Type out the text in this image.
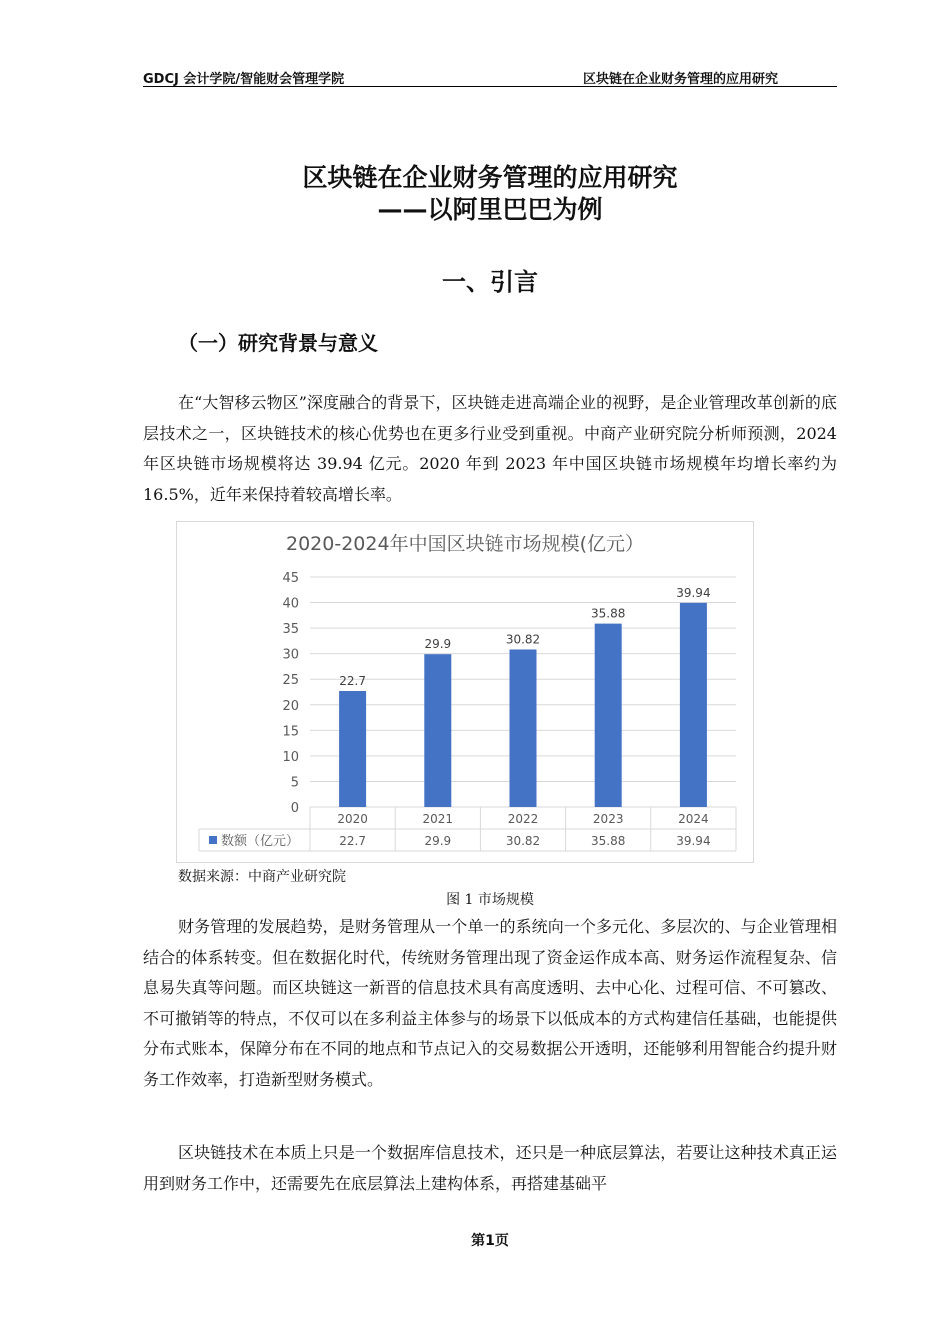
GDCJ 会计学院/智能财会管理学院	区块链在企业财务管理的应用研究
区块链在企业财务管理的应用研究
——以阿里巴巴为例
一、引言
（一）研究背景与意义

在“大智移云物区”深度融合的背景下，区块链走进高端企业的视野，是企业管理改革创新的底层技术之一，区块链技术的核心优势也在更多行业受到重视。中商产业研究院分析师预测，2024 年区块链市场规模将达 39.94 亿元。2020 年到 2023 年中国区块链市场规模年均增长率约为 16.5%，近年来保持着较高增长率。

2020-2024年中国区块链市场规模(亿元）
0
5
10
15
20
25
30
35
40
45
22.7
29.9	30.82
35.88
39.94
2020
22.7
2021
29.9
2022
30.82
2023
35.88
2024
39.94
数额（亿元）
数据来源：中商产业研究院
图 1 市场规模

财务管理的发展趋势，是财务管理从一个单一的系统向一个多元化、多层次的、与企业管理相结合的体系转变。但在数据化时代，传统财务管理出现了资金运作成本高、财务运作流程复杂、信息易失真等问题。而区块链这一新晋的信息技术具有高度透明、去中心化、过程可信、不可篡改、不可撤销等的特点，不仅可以在多利益主体参与的场景下以低成本的方式构建信任基础，也能提供分布式账本，保障分布在不同的地点和节点记入的交易数据公开透明，还能够利用智能合约提升财务工作效率，打造新型财务模式。

区块链技术在本质上只是一个数据库信息技术，还只是一种底层算法，若要让这种技术真正运用到财务工作中，还需要先在底层算法上建构体系，再搭建基础平

第1页
